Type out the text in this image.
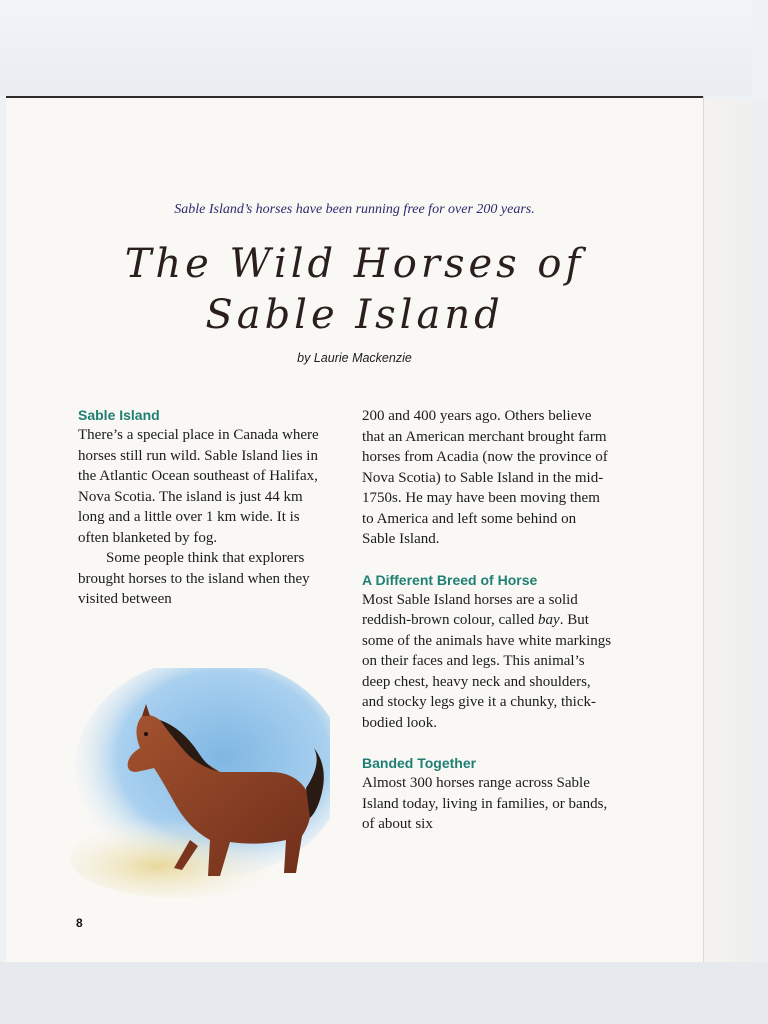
Sable Island’s horses have been running free for over 200 years.
The Wild Horses of
Sable Island
by Laurie Mackenzie
Sable Island

There’s a special place in Canada where horses still run wild. Sable Island lies in the Atlantic Ocean southeast of Halifax, Nova Scotia. The island is just 44 km long and a little over 1 km wide. It is often blanketed by fog.

Some people think that explorers brought horses to the island when they visited between

200 and 400 years ago. Others believe that an American merchant brought farm horses from Acadia (now the province of Nova Scotia) to Sable Island in the mid-1750s. He may have been moving them to America and left some behind on Sable Island.

A Different Breed of Horse

Most Sable Island horses are a solid reddish-brown colour, called bay. But some of the animals have white markings on their faces and legs. This animal’s deep chest, heavy neck and shoulders, and stocky legs give it a chunky, thick-bodied look.

Banded Together

Almost 300 horses range across Sable Island today, living in families, or bands, of about six

8
